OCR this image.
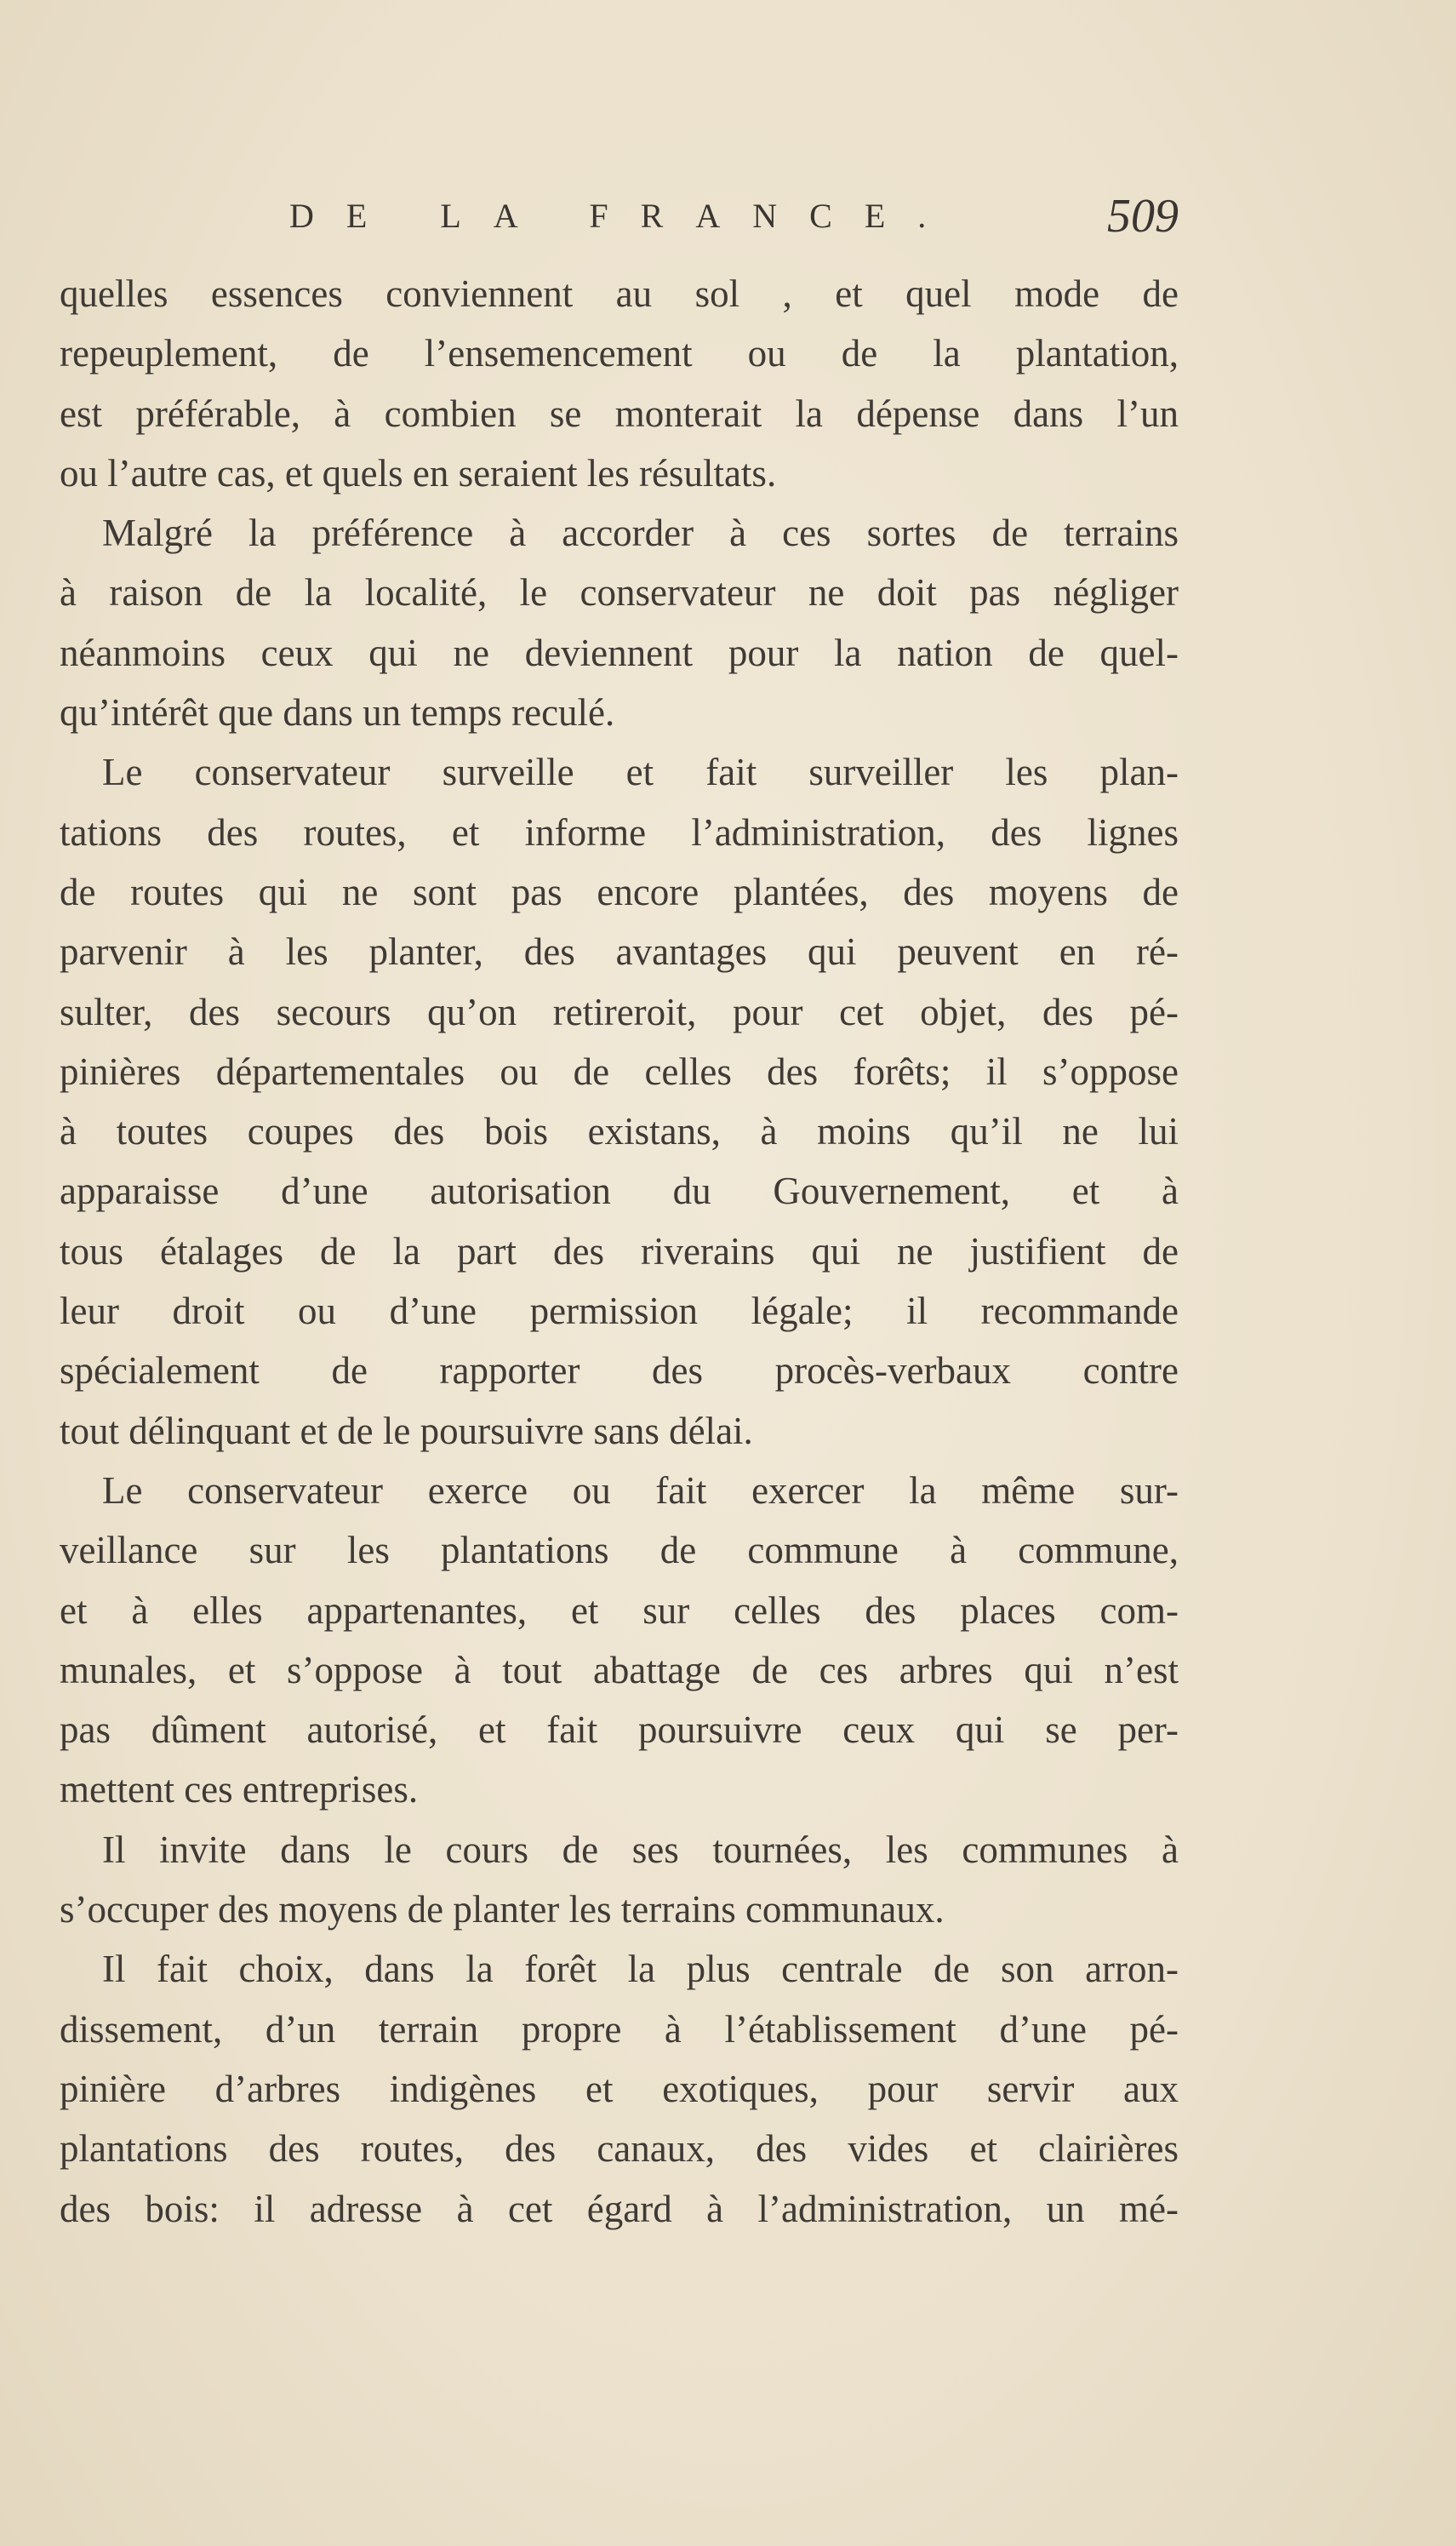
DE LA FRANCE.	509
quelles essences conviennent au sol , et quel mode de
repeuplement, de l’ensemencement ou de la plantation,
est préférable, à combien se monterait la dépense dans l’un
ou l’autre cas, et quels en seraient les résultats.
Malgré la préférence à accorder à ces sortes de terrains
à raison de la localité, le conservateur ne doit pas négliger
néanmoins ceux qui ne deviennent pour la nation de quel-
qu’intérêt que dans un temps reculé.
Le conservateur surveille et fait surveiller les plan-
tations des routes, et informe l’administration, des lignes
de routes qui ne sont pas encore plantées, des moyens de
parvenir à les planter, des avantages qui peuvent en ré-
sulter, des secours qu’on retireroit, pour cet objet, des pé-
pinières départementales ou de celles des forêts; il s’oppose
à toutes coupes des bois existans, à moins qu’il ne lui
apparaisse d’une autorisation du Gouvernement, et à
tous étalages de la part des riverains qui ne justifient de
leur droit ou d’une permission légale; il recommande
spécialement de rapporter des procès-verbaux contre
tout délinquant et de le poursuivre sans délai.
Le conservateur exerce ou fait exercer la même sur-
veillance sur les plantations de commune à commune,
et à elles appartenantes, et sur celles des places com-
munales, et s’oppose à tout abattage de ces arbres qui n’est
pas dûment autorisé, et fait poursuivre ceux qui se per-
mettent ces entreprises.
Il invite dans le cours de ses tournées, les communes à
s’occuper des moyens de planter les terrains communaux.
Il fait choix, dans la forêt la plus centrale de son arron-
dissement, d’un terrain propre à l’établissement d’une pé-
pinière d’arbres indigènes et exotiques, pour servir aux
plantations des routes, des canaux, des vides et clairières
des bois: il adresse à cet égard à l’administration, un mé-
